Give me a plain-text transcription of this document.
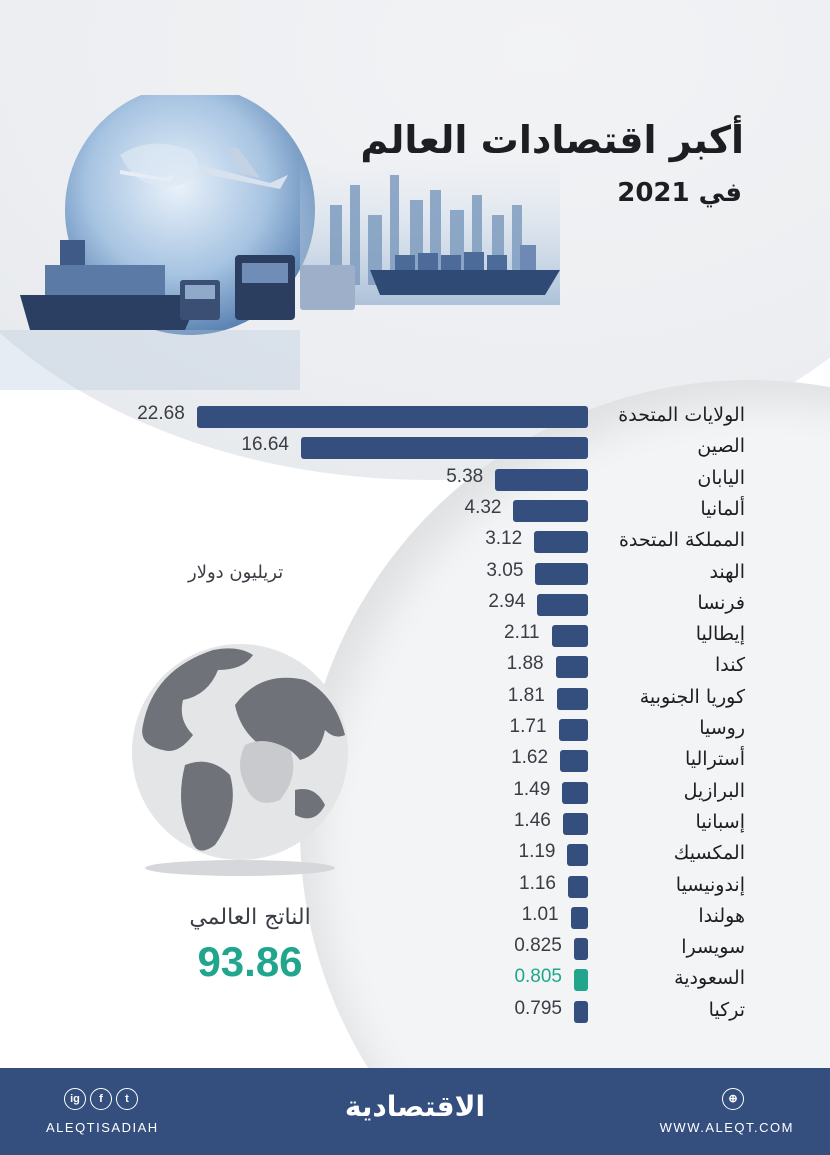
أكبر اقتصادات العالم
في 2021
تريليون دولار
الناتج العالمي
93.86
22.68	الولايات المتحدة
16.64	الصين
5.38	اليابان
4.32	ألمانيا
3.12	المملكة المتحدة
3.05	الهند
2.94	فرنسا
2.11	إيطاليا
1.88	كندا
1.81	كوريا الجنوبية
1.71	روسيا
1.62	أستراليا
1.49	البرازيل
1.46	إسبانيا
1.19	المكسيك
1.16	إندونيسيا
1.01	هولندا
0.825	سويسرا
0.805	السعودية
0.795	تركيا
ig	f	t
ALEQTISADIAH
الاقتصادية	⊕
WWW.ALEQT.COM
